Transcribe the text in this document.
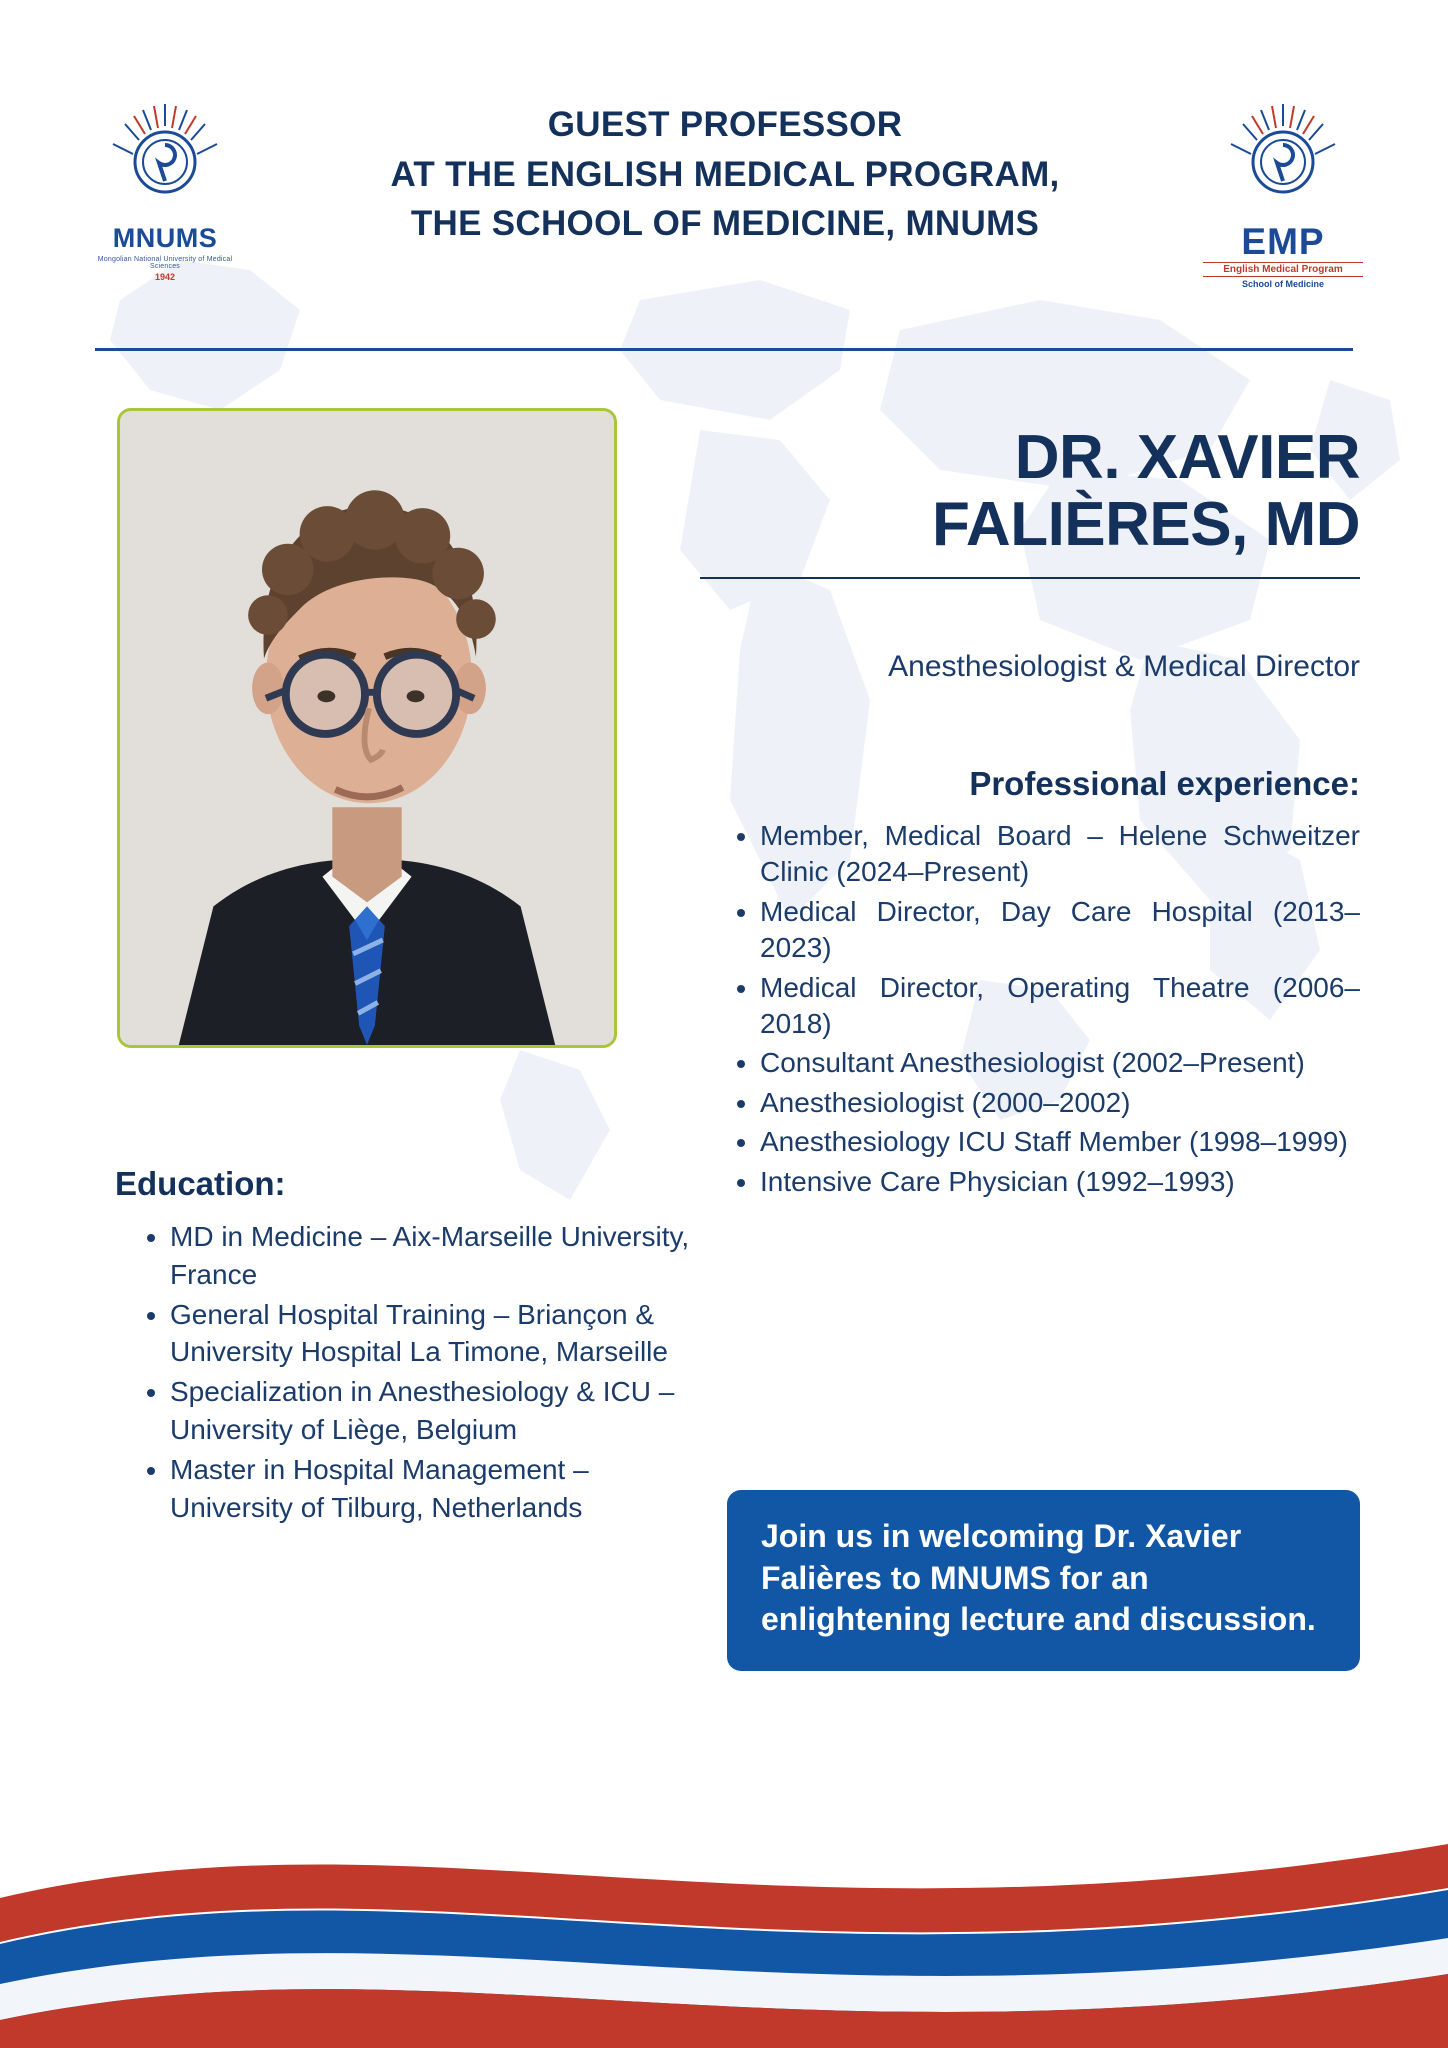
MNUMS
Mongolian National University of Medical Sciences
1942
GUEST PROFESSOR
AT THE ENGLISH MEDICAL PROGRAM,
THE SCHOOL OF MEDICINE, MNUMS	EMP
English Medical Program
School of Medicine
DR. XAVIER
FALIÈRES, MD
Anesthesiologist & Medical Director
Professional experience:
• Member, Medical Board – Helene Schweitzer Clinic (2024–Present)
• Medical Director, Day Care Hospital (2013–2023)
• Medical Director, Operating Theatre (2006–2018)
• Consultant Anesthesiologist (2002–Present)
• Anesthesiologist (2000–2002)
• Anesthesiology ICU Staff Member (1998–1999)
• Intensive Care Physician (1992–1993)
Education:
• MD in Medicine – Aix-Marseille University, France
• General Hospital Training – Briançon & University Hospital La Timone, Marseille
• Specialization in Anesthesiology & ICU – University of Liège, Belgium
• Master in Hospital Management – University of Tilburg, Netherlands
Join us in welcoming Dr. Xavier Falières to MNUMS for an enlightening lecture and discussion.
